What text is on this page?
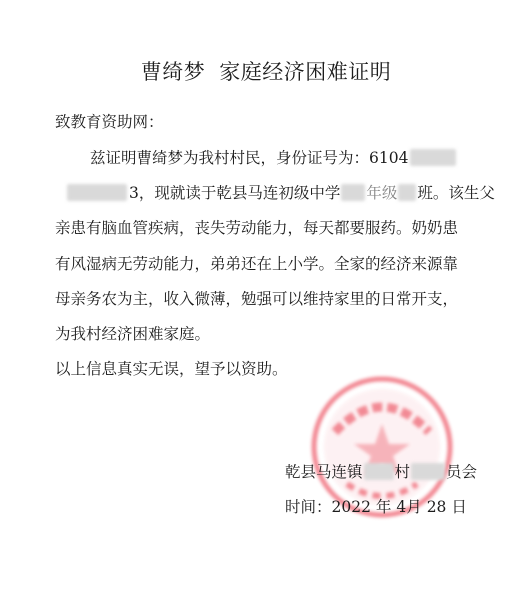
曹绮梦 家庭经济困难证明
致教育资助网：
兹证明曹绮梦为我村村民，身份证号为：6104
3，现就读于乾县马连初级中学 年级 班。该生父
亲患有脑血管疾病，丧失劳动能力，每天都要服药。奶奶患
有风湿病无劳动能力，弟弟还在上小学。全家的经济来源靠
母亲务农为主，收入微薄，勉强可以维持家里的日常开支，
为我村经济困难家庭。
以上信息真实无误，望予以资助。
乾县马连镇 村 员会
时间：2022 年 4月 28 日
